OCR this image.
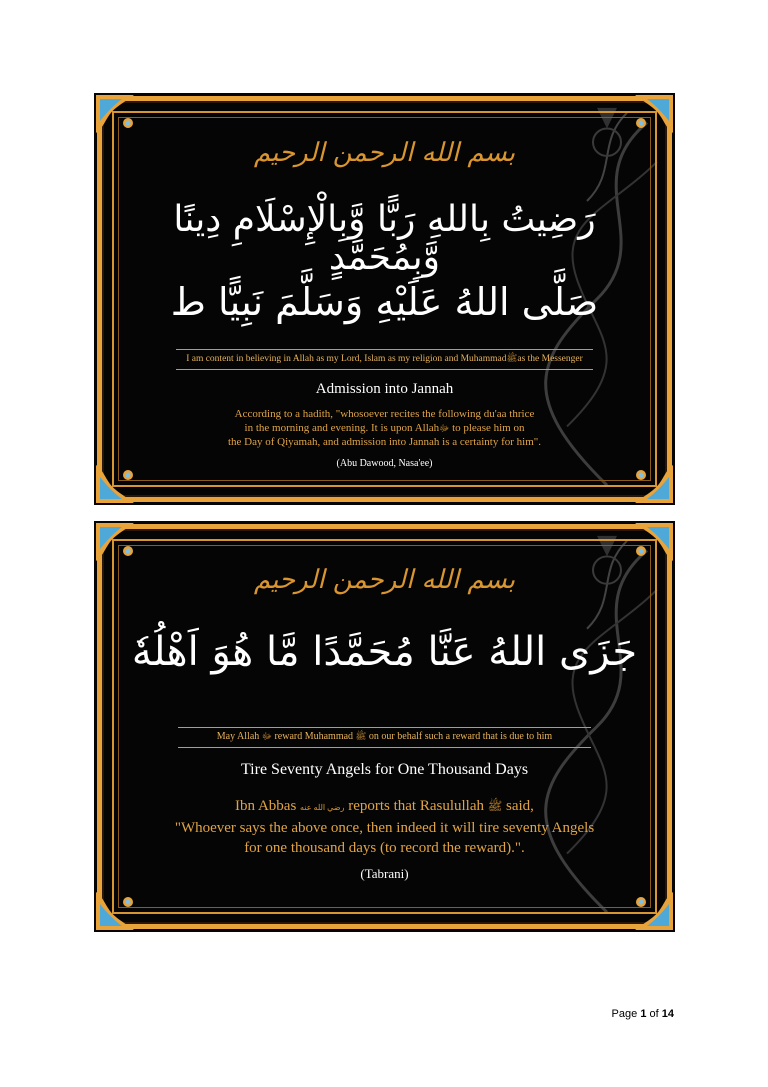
بسم الله الرحمن الرحيم
رَضِيتُ بِاللهِ رَبًّا وَّبِالْإِسْلَامِ دِينًا وَّبِمُحَمَّدٍ
صَلَّى اللهُ عَلَيْهِ وَسَلَّمَ نَبِيًّا ط
I am content in believing in Allah as my Lord, Islam as my religion and Muhammadﷺas the Messenger
Admission into Jannah
According to a hadith, "whosoever recites the following du'aa thrice
in the morning and evening. It is upon Allahﷻ to please him on
the Day of Qiyamah, and admission into Jannah is a certainty for him".
(Abu Dawood, Nasa'ee)
بسم الله الرحمن الرحيم
جَزَى اللهُ عَنَّا مُحَمَّدًا مَّا هُوَ اَهْلُهٗ
May Allah ﷻ reward Muhammad ﷺ on our behalf such a reward that is due to him
Tire Seventy Angels for One Thousand Days
Ibn Abbas رضي الله عنه reports that Rasulullah ﷺ said,
"Whoever says the above once, then indeed it will tire seventy Angels
for one thousand days (to record the reward).".
(Tabrani)
Page 1 of 14
